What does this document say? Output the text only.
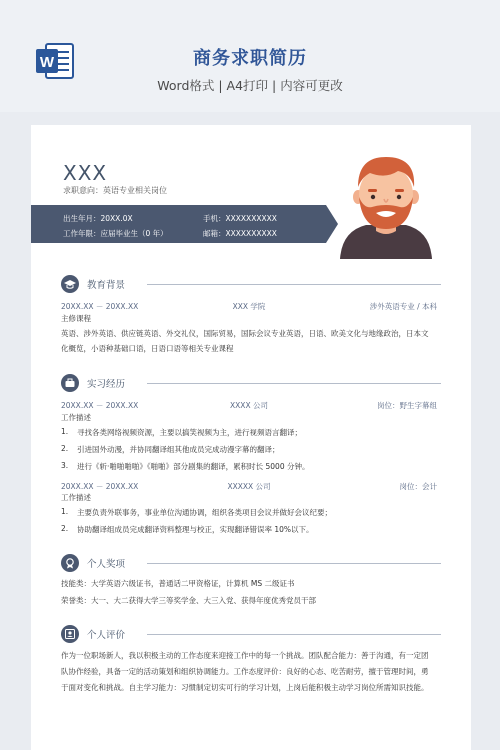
W	商务求职简历
Word格式 | A4打印 | 内容可更改
XXX
求职意向：英语专业相关岗位
出生年月：20XX.0X	手机：XXXXXXXXXX
工作年限：应届毕业生（0 年）	邮箱：XXXXXXXXXX
教育背景
20XX.XX － 20XX.XX	XXX 学院	涉外英语专业 / 本科
主修课程
英语、涉外英语、供应链英语、外交礼仪，国际贸易，国际会议专业英语，日语、欧美文化与地缘政治，日本文
化概览，小语种基础口语，日语口语等相关专业课程
实习经历
20XX.XX － 20XX.XX	XXXX 公司	岗位：野生字幕组
工作描述
1. 寻找各类网络视频资源，主要以搞笑视频为主，进行视频语言翻译；
2. 引进国外动漫，并协同翻译组其他成员完成动漫字幕的翻译；
3. 进行《斩·啪啪啪啪》《啪啪》部分剧集的翻译，累积时长 5000 分钟。
20XX.XX － 20XX.XX	XXXXX 公司	岗位：会计
工作描述
1. 主要负责外联事务，事业单位沟通协调，组织各类项目会议并做好会议纪要；
2. 协助翻译组成员完成翻译资料整理与校正，实现翻译错误率 10%以下。
个人奖项
技能类：大学英语六级证书，普通话二甲资格证，计算机 MS 二级证书
荣誉类：大一、大二获得大学三等奖学金、大三入党、获得年度优秀党员干部
个人评价
作为一位职场新人，我以积极主动的工作态度来迎接工作中的每一个挑战。团队配合能力：善于沟通，有一定团
队协作经验，具备一定的活动策划和组织协调能力。工作态度评价：良好的心态、吃苦耐劳，擅于管理时间，勇
于面对变化和挑战。自主学习能力：习惯制定切实可行的学习计划，上岗后能积极主动学习岗位所需知识技能。
